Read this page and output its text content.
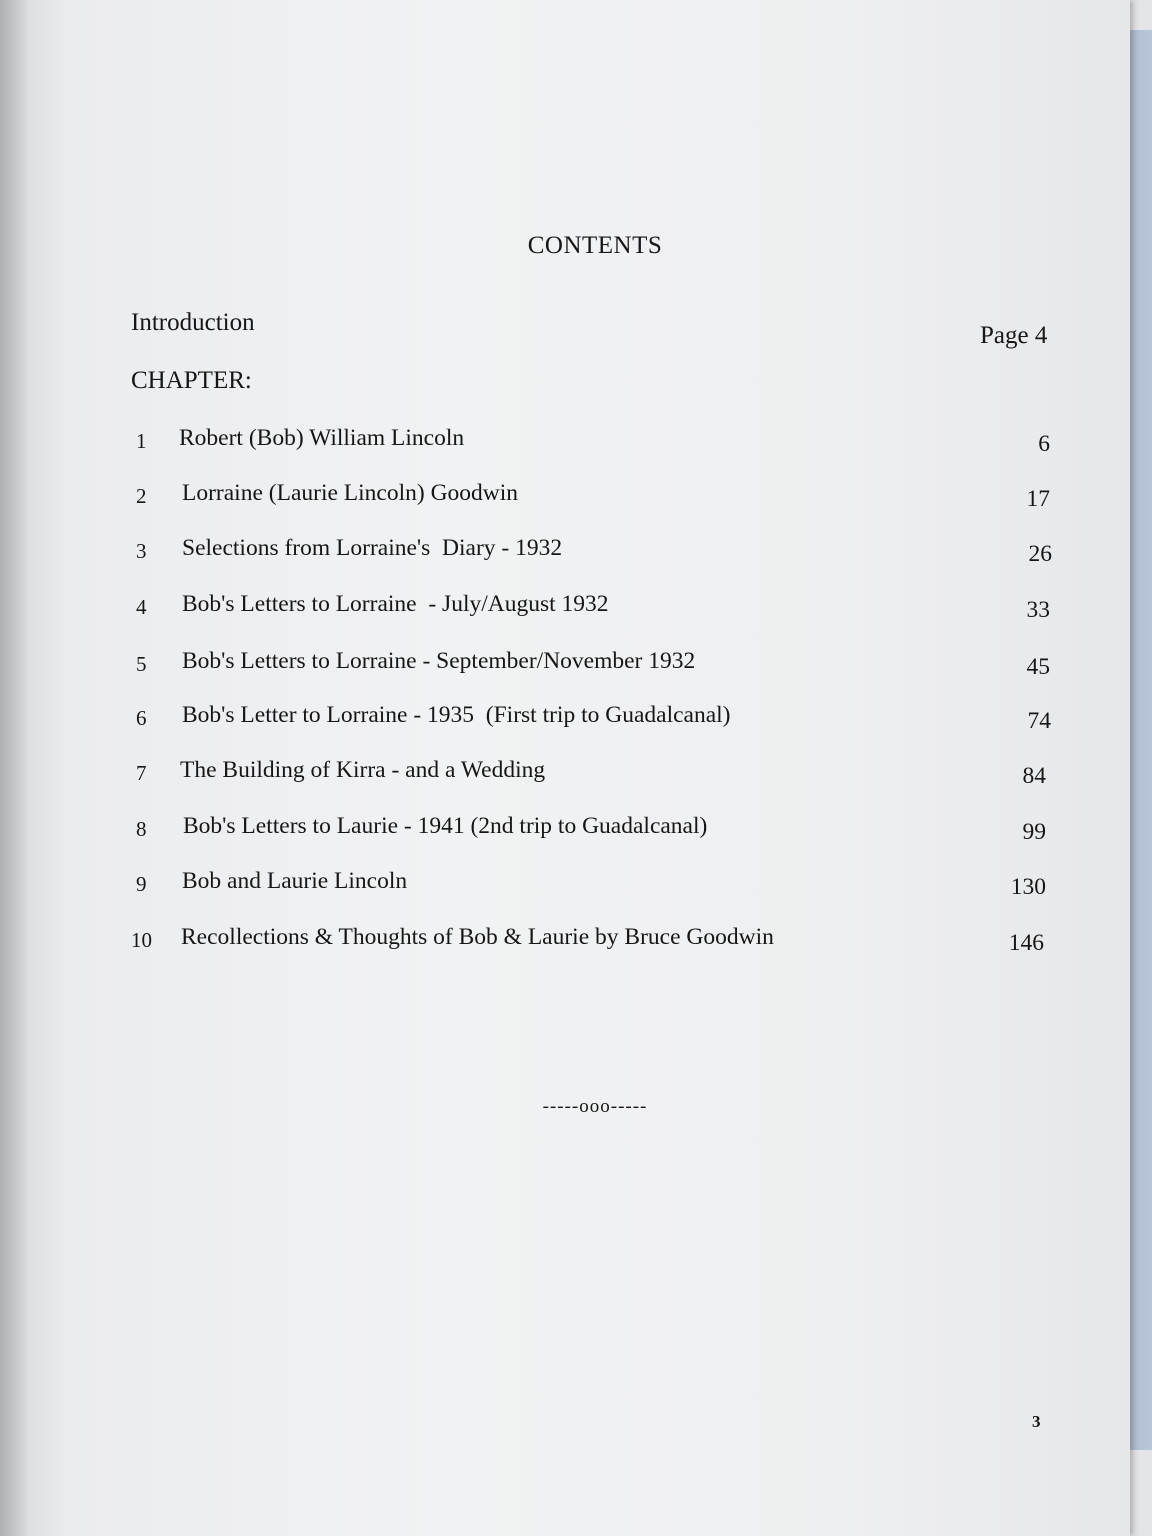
CONTENTS
Introduction	Page 4
CHAPTER:
1 Robert (Bob) William Lincoln	6
2 Lorraine (Laurie Lincoln) Goodwin	17
3 Selections from Lorraine's  Diary - 1932	26
4 Bob's Letters to Lorraine  - July/August 1932	33
5 Bob's Letters to Lorraine - September/November 1932	45
6 Bob's Letter to Lorraine - 1935  (First trip to Guadalcanal)	74
7 The Building of Kirra - and a Wedding	84
8 Bob's Letters to Laurie - 1941 (2nd trip to Guadalcanal)	99
9 Bob and Laurie Lincoln	130
10 Recollections & Thoughts of Bob & Laurie by Bruce Goodwin	146
-----ooo-----
3
